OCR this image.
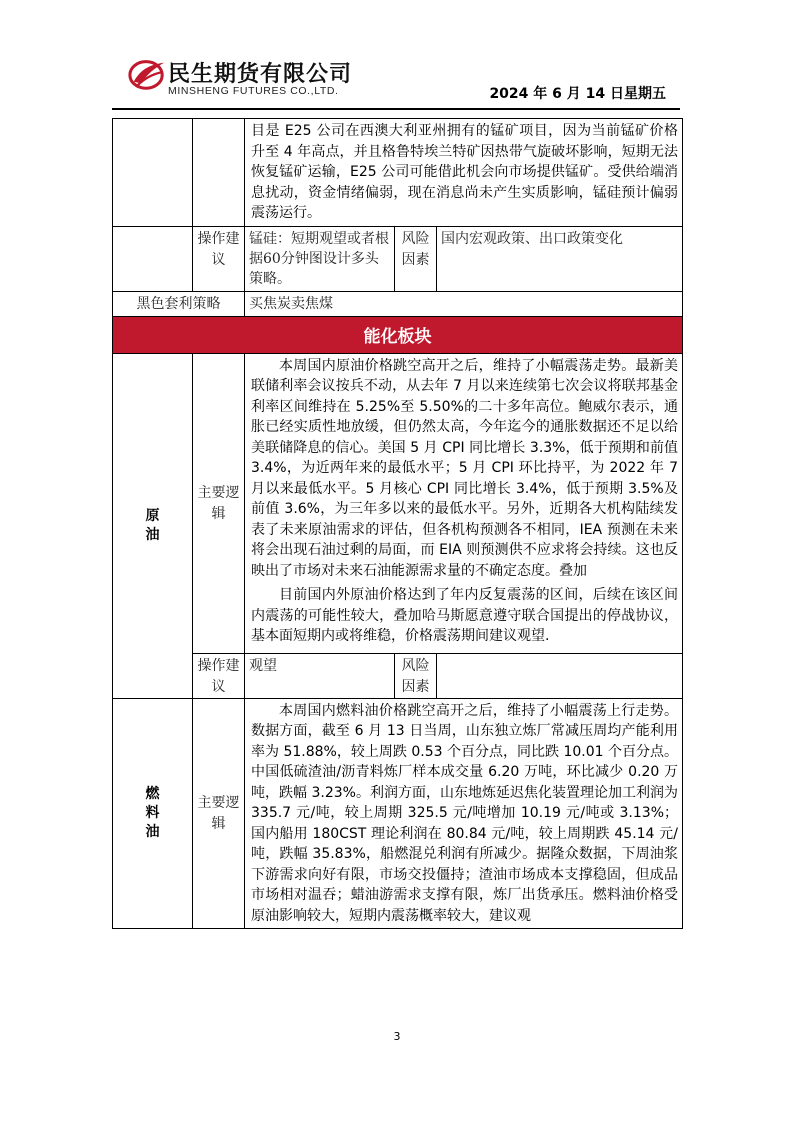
民生期货有限公司
MINSHENG FUTURES CO.,LTD.	2024 年 6 月 14 日星期五

		目是 E25 公司在西澳大利亚州拥有的锰矿项目，因为当前锰矿价格升至 4 年高点，并且格鲁特埃兰特矿因热带气旋破坏影响，短期无法恢复锰矿运输，E25 公司可能借此机会向市场提供锰矿。受供给端消息扰动，资金情绪偏弱，现在消息尚未产生实质影响，锰硅预计偏弱震荡运行。		

	操作建议	锰硅：短期观望或者根据60分钟图设计多头策略。	风险因素	国内宏观政策、出口政策变化

黑色套利策略		买焦炭卖焦煤		

能化板块				
原油	主要逻辑	本周国内原油价格跳空高开之后，维持了小幅震荡走势。最新美联储利率会议按兵不动，从去年 7 月以来连续第七次会议将联邦基金利率区间维持在 5.25%至 5.50%的二十多年高位。鲍威尔表示，通胀已经实质性地放缓，但仍然太高，今年迄今的通胀数据还不足以给美联储降息的信心。美国 5 月 CPI 同比增长 3.3%，低于预期和前值 3.4%，为近两年来的最低水平；5 月 CPI 环比持平，为 2022 年 7 月以来最低水平。5 月核心 CPI 同比增长 3.4%，低于预期 3.5%及前值 3.6%，为三年多以来的最低水平。另外，近期各大机构陆续发表了未来原油需求的评估，但各机构预测各不相同，IEA 预测在未来将会出现石油过剩的局面，而 EIA 则预测供不应求将会持续。这也反映出了市场对未来石油能源需求量的不确定态度。叠加
目前国内外原油价格达到了年内反复震荡的区间，后续在该区间内震荡的可能性较大，叠加哈马斯愿意遵守联合国提出的停战协议，基本面短期内或将维稳，价格震荡期间建议观望.		

	操作建议	观望	风险因素	

燃料油	主要逻辑	本周国内燃料油价格跳空高开之后，维持了小幅震荡上行走势。数据方面，截至 6 月 13 日当周，山东独立炼厂常减压周均产能利用率为 51.88%，较上周跌 0.53 个百分点，同比跌 10.01 个百分点。中国低硫渣油/沥青料炼厂样本成交量 6.20 万吨，环比减少 0.20 万吨，跌幅 3.23%。利润方面，山东地炼延迟焦化装置理论加工利润为 335.7 元/吨，较上周期 325.5 元/吨增加 10.19 元/吨或 3.13%；国内船用 180CST 理论利润在 80.84 元/吨，较上周期跌 45.14 元/吨，跌幅 35.83%，船燃混兑利润有所减少。据隆众数据，下周油浆下游需求向好有限，市场交投僵持；渣油市场成本支撑稳固，但成品市场相对温吞；蜡油游需求支撑有限，炼厂出货承压。燃料油价格受原油影响较大，短期内震荡概率较大，建议观		
3
